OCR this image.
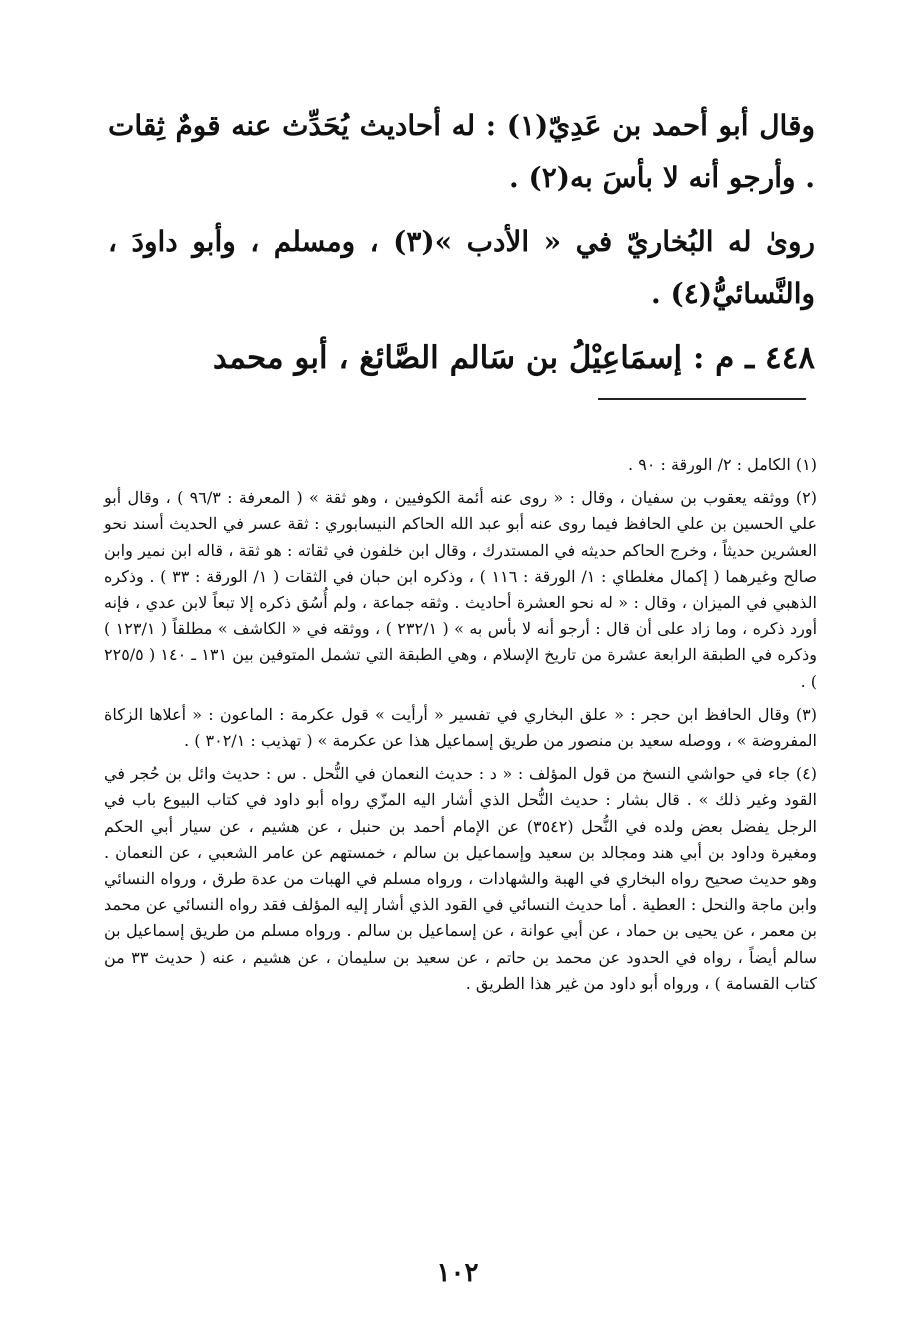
وقال أبو أحمد بن عَدِيّ(١) : له أحاديث يُحَدِّث عنه قومٌ ثِقات . وأرجو أنه لا بأسَ به(٢) .

روىٰ له البُخاريّ في « الأدب »(٣) ، ومسلم ، وأبو داودَ ، والنَّسائيُّ(٤) .

٤٤٨ ـ م : إسمَاعِيْلُ بن سَالم الصَّائغ ، أبو محمد

(١) الكامل : ٢/ الورقة : ٩٠ .

(٢) ووثقه يعقوب بن سفيان ، وقال : « روى عنه أئمة الكوفيين ، وهو ثقة » ( المعرفة : ٩٦/٣ ) ، وقال أبو علي الحسين بن علي الحافظ فيما روى عنه أبو عبد الله الحاكم النيسابوري : ثقة عسر في الحديث أسند نحو العشرين حديثاً ، وخرج الحاكم حديثه في المستدرك ، وقال ابن خلفون في ثقاته : هو ثقة ، قاله ابن نمير وابن صالح وغيرهما ( إكمال مغلطاي : ١/ الورقة : ١١٦ ) ، وذكره ابن حبان في الثقات ( ١/ الورقة : ٣٣ ) . وذكره الذهبي في الميزان ، وقال : « له نحو العشرة أحاديث . وثقه جماعة ، ولم أُسُق ذكره إلا تبعاً لابن عدي ، فإنه أورد ذكره ، وما زاد على أن قال : أرجو أنه لا بأس به » ( ٢٣٢/١ ) ، ووثقه في « الكاشف » مطلقاً ( ١٢٣/١ ) وذكره في الطبقة الرابعة عشرة من تاريخ الإسلام ، وهي الطبقة التي تشمل المتوفين بين ١٣١ ـ ١٤٠ ( ٢٢٥/٥ ) .

(٣) وقال الحافظ ابن حجر : « علق البخاري في تفسير « أرأيت » قول عكرمة : الماعون : « أعلاها الزكاة المفروضة » ، ووصله سعيد بن منصور من طريق إسماعيل هذا عن عكرمة » ( تهذيب : ٣٠٢/١ ) .

(٤) جاء في حواشي النسخ من قول المؤلف : « د : حديث النعمان في النُّحل . س : حديث وائل بن حُجر في القود وغير ذلك » . قال بشار : حديث النُّحل الذي أشار اليه المزّي رواه أبو داود في كتاب البيوع باب في الرجل يفضل بعض ولده في النُّحل (٣٥٤٢) عن الإمام أحمد بن حنبل ، عن هشيم ، عن سيار أبي الحكم ومغيرة وداود بن أبي هند ومجالد بن سعيد وإسماعيل بن سالم ، خمستهم عن عامر الشعبي ، عن النعمان . وهو حديث صحيح رواه البخاري في الهبة والشهادات ، ورواه مسلم في الهبات من عدة طرق ، ورواه النسائي وابن ماجة والنحل : العطية . أما حديث النسائي في القود الذي أشار إليه المؤلف فقد رواه النسائي عن محمد بن معمر ، عن يحيى بن حماد ، عن أبي عوانة ، عن إسماعيل بن سالم . ورواه مسلم من طريق إسماعيل بن سالم أيضاً ، رواه في الحدود عن محمد بن حاتم ، عن سعيد بن سليمان ، عن هشيم ، عنه ( حديث ٣٣ من كتاب القسامة ) ، ورواه أبو داود من غير هذا الطريق .

١٠٢
